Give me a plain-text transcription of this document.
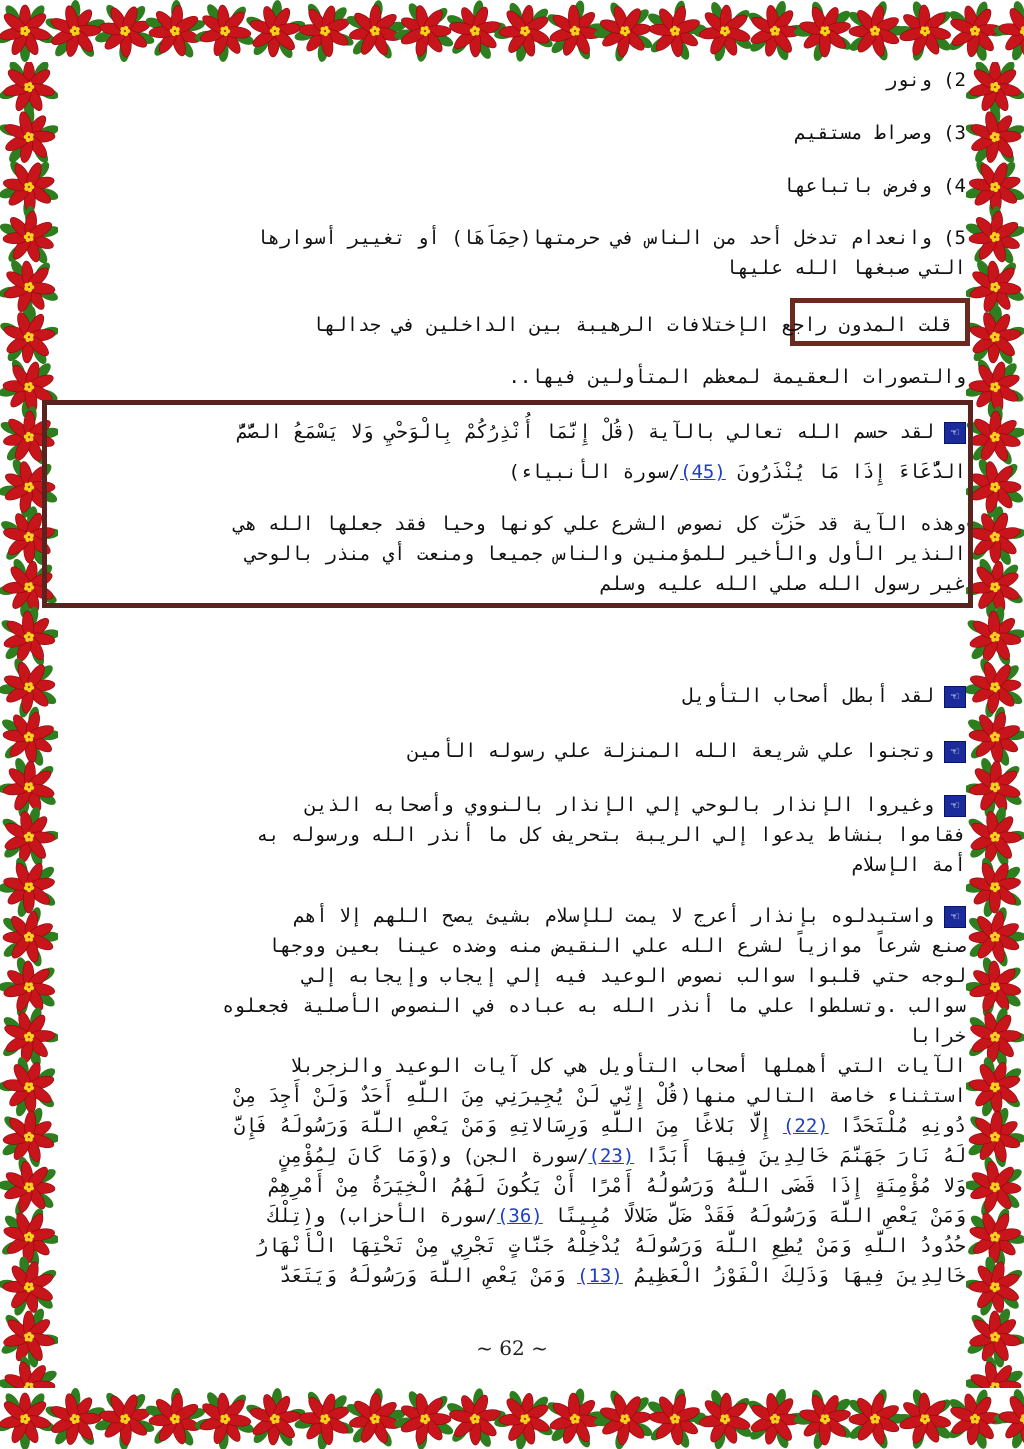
2) ونور
3) وصراط مستقيم
4) وفرض باتباعها
5) وانعدام تدخل أحد من الناس في حرمتها(حِمَاَهَا) أو تغيير أسوارها
التي صبغها الله عليها
قلت المدون راجع الإختلافات الرهيبة بين الداخلين في جدالها
والتصورات العقيمة لمعظم المتأولين فيها..
☜لقد حسم الله تعالي بالآية (قُلْ إِنَّمَا أُنْذِرُكُمْ بِالْوَحْيِ وَلا يَسْمَعُ الصُّمُّ
الدُّعَاءَ إِذَا مَا يُنْذَرُونَ (45)/سورة الأنبياء)
وهذه الآية قد حَزَّت كل نصوص الشرع علي كونها وحيا فقد جعلها الله هي
النذير الأول والأخير للمؤمنين والناس جميعا ومنعت أي منذر بالوحي
غير رسول الله صلي الله عليه وسلم
☜لقد أبطل أصحاب التأويل
☜وتجنوا علي شريعة الله المنزلة علي رسوله الأمين
☜وغيروا الإنذار بالوحي إلي الإنذار بالنووي وأصحابه الذين
فقاموا بنشاط يدعوا إلي الريبة بتحريف كل ما أنذر الله ورسوله به
أمة الإسلام
☜واستبدلوه بإنذار أعرج لا يمت للإسلام بشيئ يصح اللهم إلا أهم
صنع شرعاً موازياً لشرع الله علي النقيض منه وضده عينا بعين ووجها
لوجه حتي قلبوا سوالب نصوص الوعيد فيه إلي إيجاب وإيجابه إلي
سوالب .وتسلطوا علي ما أنذر الله به عباده في النصوص الأصلية فجعلوه
خرابا
الآيات التي أهملها أصحاب التأويل هي كل آيات الوعيد والزجربلا
استثناء خاصة التالي منها(قُلْ إِنِّي لَنْ يُجِيرَنِي مِنَ اللَّهِ أَحَدٌ وَلَنْ أَجِدَ مِنْ
دُونِهِ مُلْتَحَدًا (22) إِلَّا بَلاغًا مِنَ اللَّهِ وَرِسَالاتِهِ وَمَنْ يَعْصِ اللَّهَ وَرَسُولَهُ فَإِنَّ
لَهُ نَارَ جَهَنَّمَ خَالِدِينَ فِيهَا أَبَدًا (23)/سورة الجن) و(وَمَا كَانَ لِمُؤْمِنٍ
وَلا مُؤْمِنَةٍ إِذَا قَضَى اللَّهُ وَرَسُولُهُ أَمْرًا أَنْ يَكُونَ لَهُمُ الْخِيَرَةُ مِنْ أَمْرِهِمْ
وَمَنْ يَعْصِ اللَّهَ وَرَسُولَهُ فَقَدْ ضَلَّ ضَلالًا مُبِينًا (36)/سورة الأحزاب) و(تِلْكَ
حُدُودُ اللَّهِ وَمَنْ يُطِعِ اللَّهَ وَرَسُولَهُ يُدْخِلْهُ جَنَّاتٍ تَجْرِي مِنْ تَحْتِهَا الْأَنْهَارُ
خَالِدِينَ فِيهَا وَذَلِكَ الْفَوْزُ الْعَظِيمُ (13) وَمَنْ يَعْصِ اللَّهَ وَرَسُولَهُ وَيَتَعَدَّ
~ 62 ~
